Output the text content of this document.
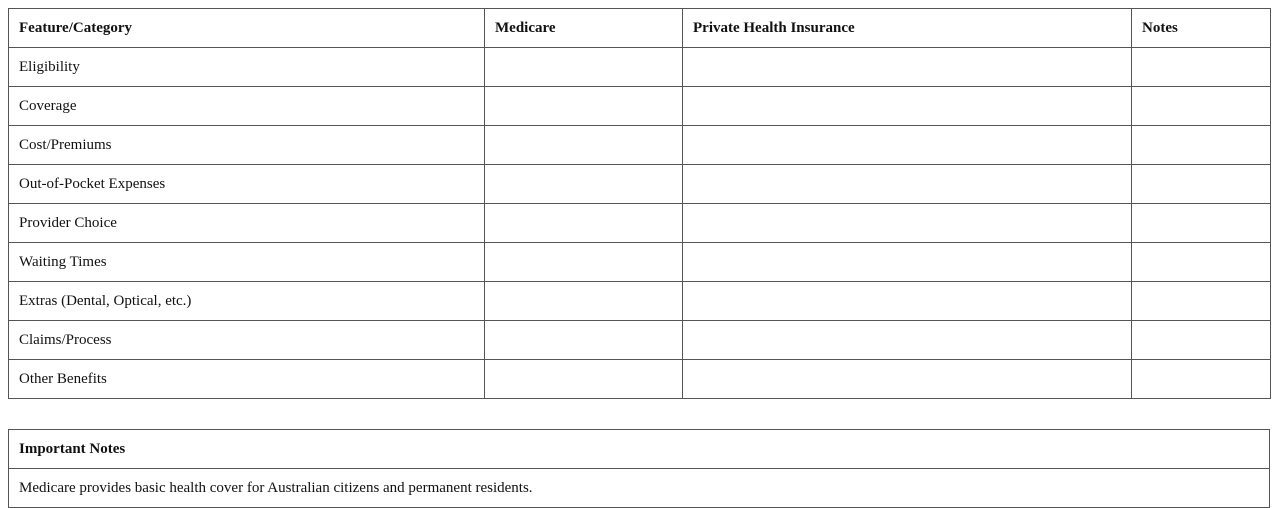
Feature/Category	Medicare	Private Health Insurance	Notes
Eligibility			
Coverage			
Cost/Premiums			
Out-of-Pocket Expenses			
Provider Choice			
Waiting Times			
Extras (Dental, Optical, etc.)			
Claims/Process			
Other Benefits			
Important Notes
Medicare provides basic health cover for Australian citizens and permanent residents.
